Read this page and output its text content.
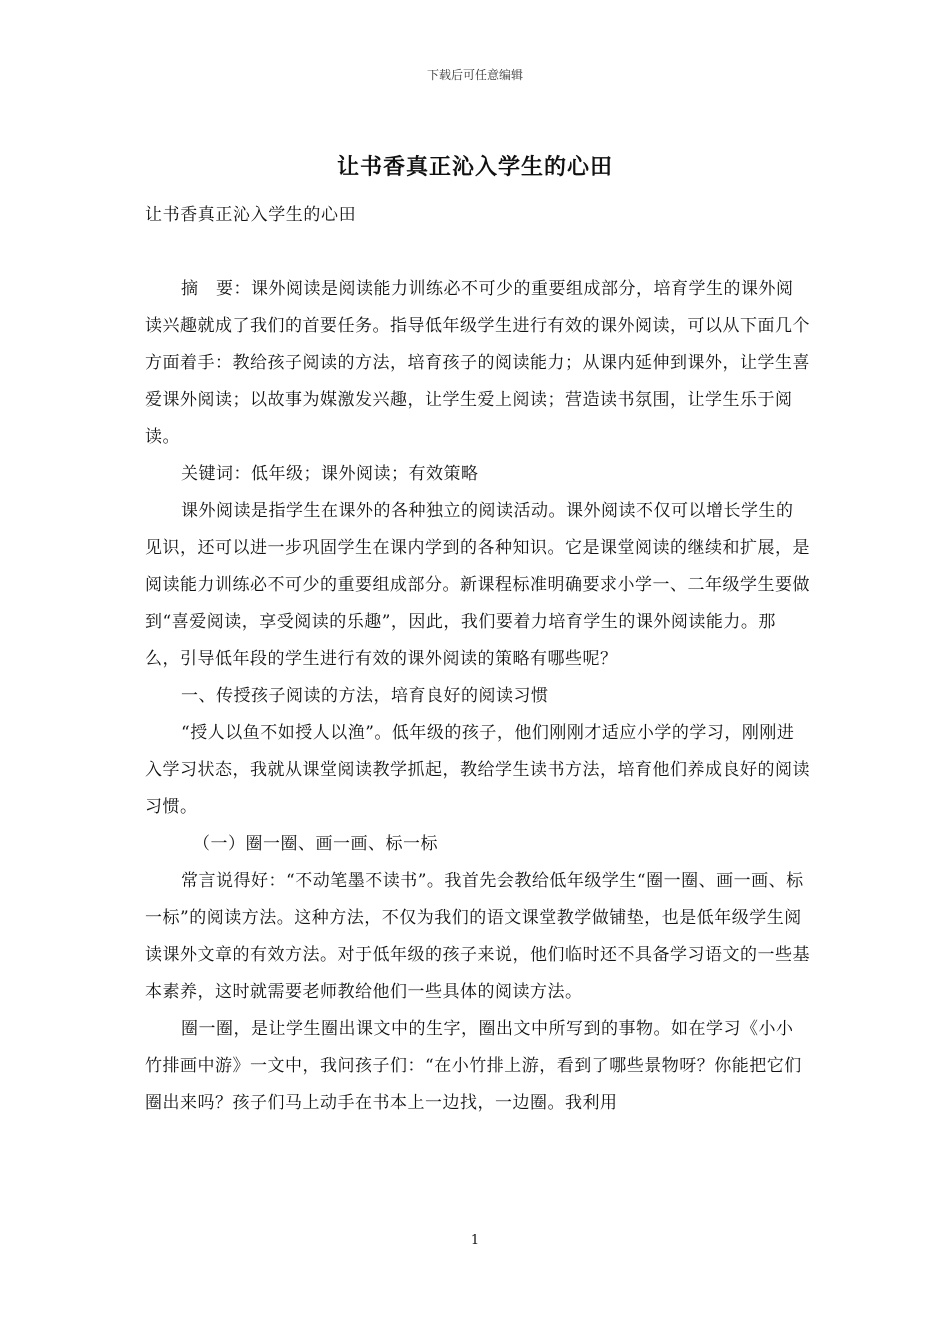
下载后可任意编辑
让书香真正沁入学生的心田
让书香真正沁入学生的心田

摘　要：课外阅读是阅读能力训练必不可少的重要组成部分，培育学生的课外阅读兴趣就成了我们的首要任务。指导低年级学生进行有效的课外阅读，可以从下面几个方面着手：教给孩子阅读的方法，培育孩子的阅读能力；从课内延伸到课外，让学生喜爱课外阅读；以故事为媒激发兴趣，让学生爱上阅读；营造读书氛围，让学生乐于阅读。

关键词：低年级；课外阅读；有效策略

课外阅读是指学生在课外的各种独立的阅读活动。课外阅读不仅可以增长学生的见识，还可以进一步巩固学生在课内学到的各种知识。它是课堂阅读的继续和扩展，是阅读能力训练必不可少的重要组成部分。新课程标准明确要求小学一、二年级学生要做到“喜爱阅读，享受阅读的乐趣”，因此，我们要着力培育学生的课外阅读能力。那么，引导低年段的学生进行有效的课外阅读的策略有哪些呢？

一、传授孩子阅读的方法，培育良好的阅读习惯

“授人以鱼不如授人以渔”。低年级的孩子，他们刚刚才适应小学的学习，刚刚进入学习状态，我就从课堂阅读教学抓起，教给学生读书方法，培育他们养成良好的阅读习惯。

（一）圈一圈、画一画、标一标

常言说得好：“不动笔墨不读书”。我首先会教给低年级学生“圈一圈、画一画、标一标”的阅读方法。这种方法，不仅为我们的语文课堂教学做铺垫，也是低年级学生阅读课外文章的有效方法。对于低年级的孩子来说，他们临时还不具备学习语文的一些基本素养，这时就需要老师教给他们一些具体的阅读方法。

圈一圈，是让学生圈出课文中的生字，圈出文中所写到的事物。如在学习《小小竹排画中游》一文中，我问孩子们：“在小竹排上游，看到了哪些景物呀？你能把它们圈出来吗？孩子们马上动手在书本上一边找，一边圈。我利用

1
